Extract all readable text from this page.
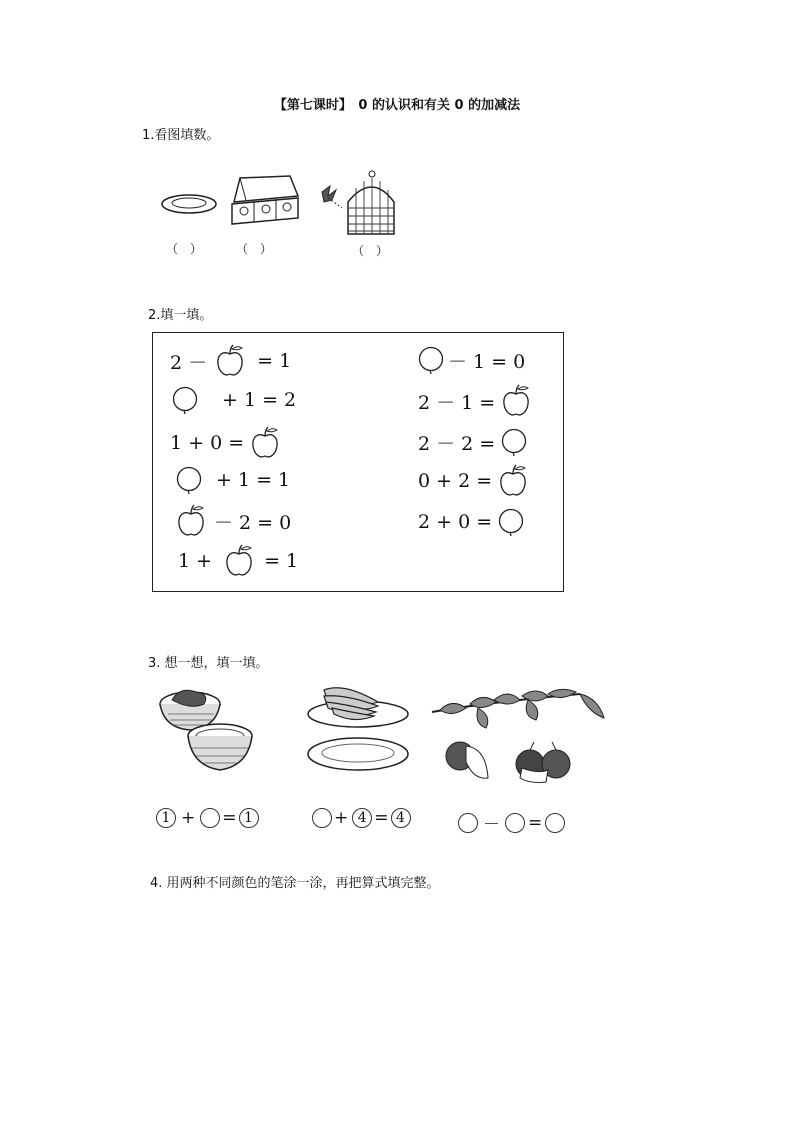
【第七课时】　0 的认识和有关 0 的加减法
1.看图填数。
（　）	（　）	（　）
2.填一填。
2 －	= 1
+ 1 = 2
1 + 0 =
+ 1 = 1
－ 2 = 0
1 +	= 1
－ 1 = 0
2 － 1 =
2 － 2 =
0 + 2 =
2 + 0 =
3. 想一想，填一填。
1 + = 1	+ 4 = 4	－ =
4. 用两种不同颜色的笔涂一涂，再把算式填完整。
